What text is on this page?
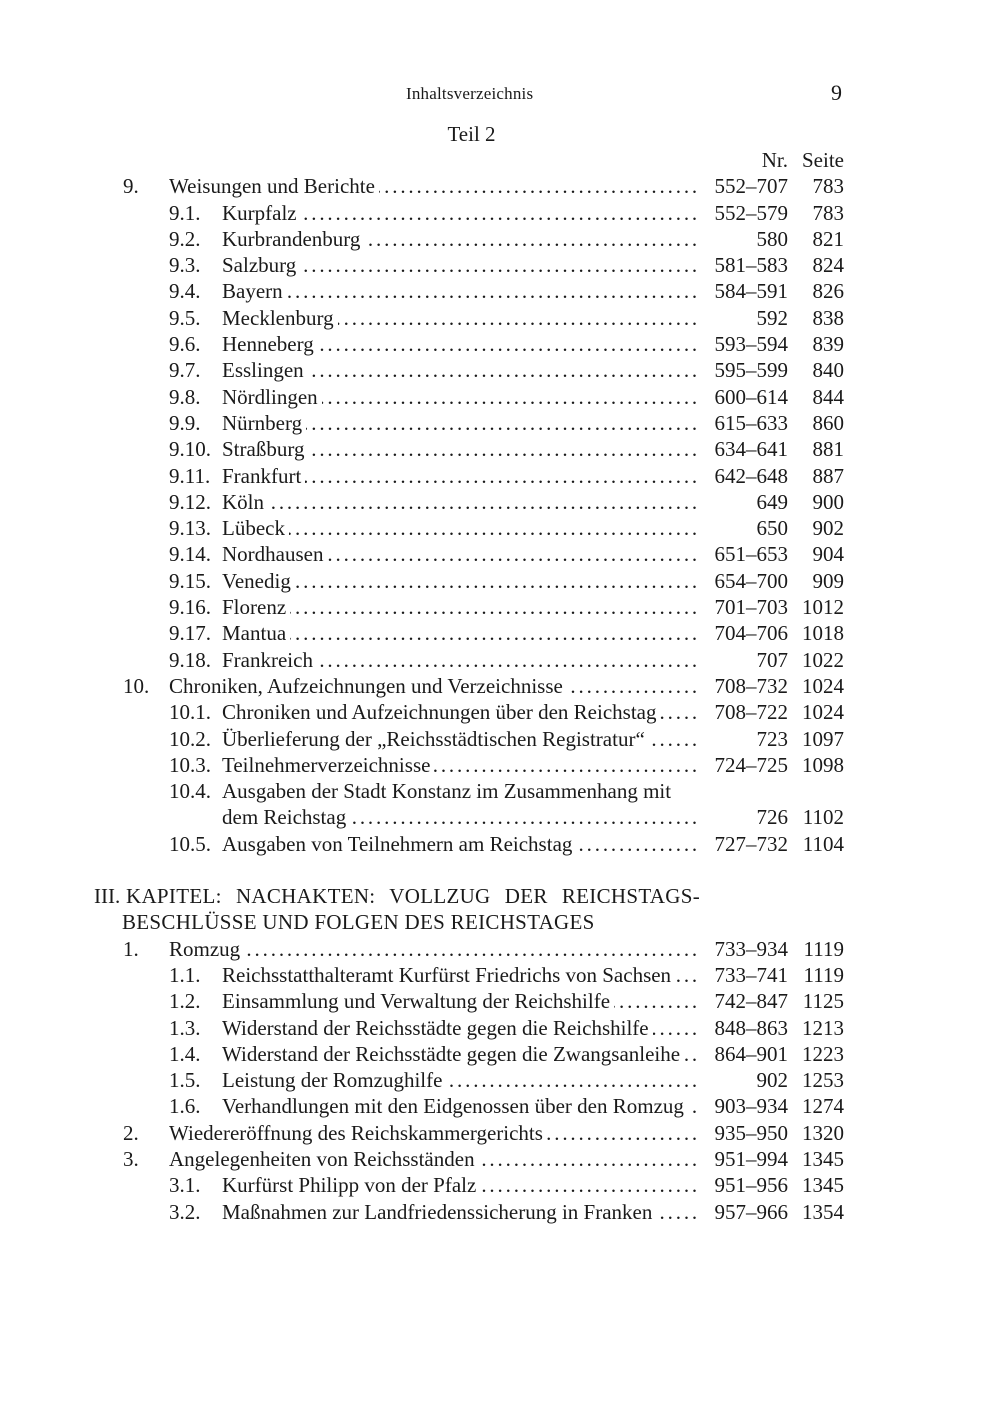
Inhaltsverzeichnis	9
Teil 2
Nr. Seite
9. Weisungen und Berichte . . .	552–707 783
9.1. Kurpfalz . . .	552–579 783
9.2. Kurbrandenburg . . .	580 821
9.3. Salzburg . . .	581–583 824
9.4. Bayern . . .	584–591 826
9.5. Mecklenburg . . .	592 838
9.6. Henneberg . . .	593–594 839
9.7. Esslingen . . .	595–599 840
9.8. Nördlingen . . .	600–614 844
9.9. Nürnberg . . .	615–633 860
9.10. Straßburg . . .	634–641 881
9.11. Frankfurt . . .	642–648 887
9.12. Köln . . .	649 900
9.13. Lübeck . . .	650 902
9.14. Nordhausen . . .	651–653 904
9.15. Venedig . . .	654–700 909
9.16. Florenz . . .	701–703 1012
9.17. Mantua . . .	704–706 1018
9.18. Frankreich . . .	707 1022
10. Chroniken, Aufzeichnungen und Verzeichnisse . . .	708–732 1024
10.1. Chroniken und Aufzeichnungen über den Reichstag . . .	708–722 1024
10.2. Überlieferung der „Reichsstädtischen Registratur“ . . .	723 1097
10.3. Teilnehmerverzeichnisse . . .	724–725 1098
10.4. Ausgaben der Stadt Konstanz im Zusammenhang mit
dem Reichstag . . .	726 1102
10.5. Ausgaben von Teilnehmern am Reichstag . . .	727–732 1104
III. KAPITEL: NACHAKTEN: VOLLZUG DER REICHSTAGS-
BESCHLÜSSE UND FOLGEN DES REICHSTAGES
1. Romzug . . .	733–934 1119
1.1. Reichsstatthalteramt Kurfürst Friedrichs von Sachsen . . .	733–741 1119
1.2. Einsammlung und Verwaltung der Reichshilfe . . .	742–847 1125
1.3. Widerstand der Reichsstädte gegen die Reichshilfe . . .	848–863 1213
1.4. Widerstand der Reichsstädte gegen die Zwangsanleihe . . .	864–901 1223
1.5. Leistung der Romzughilfe . . .	902 1253
1.6. Verhandlungen mit den Eidgenossen über den Romzug . . .	903–934 1274
2. Wiedereröffnung des Reichskammergerichts . . .	935–950 1320
3. Angelegenheiten von Reichsständen . . .	951–994 1345
3.1. Kurfürst Philipp von der Pfalz . . .	951–956 1345
3.2. Maßnahmen zur Landfriedenssicherung in Franken . . .	957–966 1354
